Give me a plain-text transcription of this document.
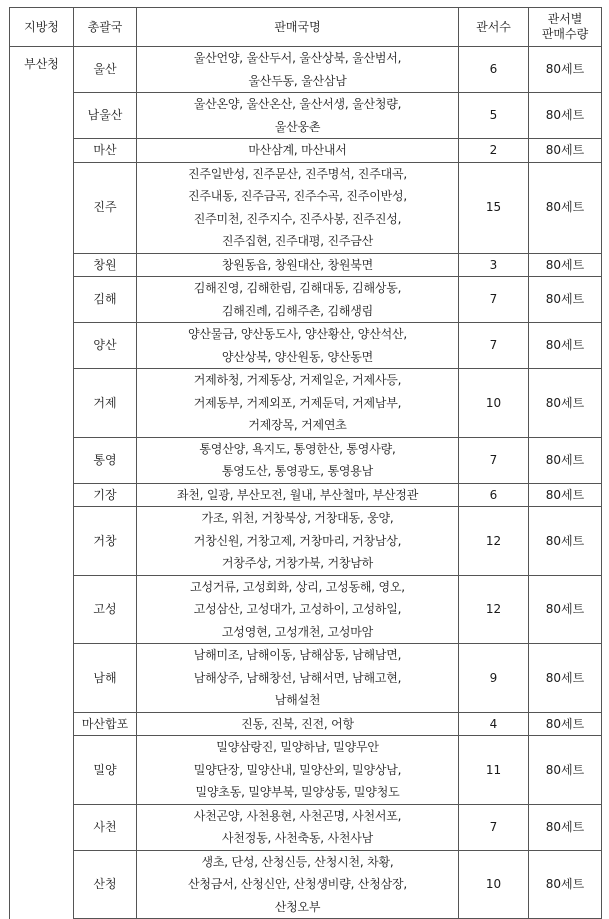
지방청	총괄국	판매국명	관서수	관서별
판매수량

부산청	울산	울산언양, 울산두서, 울산상북, 울산범서,
울산두동, 울산삼남	6	80세트
	남울산	울산온양, 울산온산, 울산서생, 울산청량,
울산웅촌	5	80세트
	마산	마산삼계, 마산내서	2	80세트
	진주	진주일반성, 진주문산, 진주명석, 진주대곡,
진주내동, 진주금곡, 진주수곡, 진주이반성,
진주미천, 진주지수, 진주사봉, 진주진성,
진주집현, 진주대평, 진주금산	15	80세트
	창원	창원동읍, 창원대산, 창원북면	3	80세트
	김해	김해진영, 김해한림, 김해대동, 김해상동,
김해진례, 김해주촌, 김해생림	7	80세트
	양산	양산물금, 양산동도사, 양산황산, 양산석산,
양산상북, 양산원동, 양산동면	7	80세트
	거제	거제하청, 거제동상, 거제일운, 거제사등,
거제동부, 거제외포, 거제둔덕, 거제남부,
거제장목, 거제연초	10	80세트
	통영	통영산양, 욕지도, 통영한산, 통영사량,
통영도산, 통영광도, 통영용남	7	80세트
	기장	좌천, 일광, 부산모전, 월내, 부산철마, 부산정관	6	80세트
	거창	가조, 위천, 거창북상, 거창대동, 웅양,
거창신원, 거창고제, 거창마리, 거창남상,
거창주상, 거창가북, 거창남하	12	80세트
	고성	고성거류, 고성회화, 상리, 고성동해, 영오,
고성삼산, 고성대가, 고성하이, 고성하일,
고성영현, 고성개천, 고성마암	12	80세트
	남해	남해미조, 남해이동, 남해삼동, 남해남면,
남해상주, 남해창선, 남해서면, 남해고현,
남해설천	9	80세트
	마산합포	진동, 진북, 진전, 어항	4	80세트
	밀양	밀양삼랑진, 밀양하남, 밀양무안
밀양단장, 밀양산내, 밀양산외, 밀양상남,
밀양초동, 밀양부북, 밀양상동, 밀양청도	11	80세트
	사천	사천곤양, 사천용현, 사천곤명, 사천서포,
사천정동, 사천축동, 사천사남	7	80세트
	산청	생초, 단성, 산청신등, 산청시천, 차황,
산청금서, 산청신안, 산청생비량, 산청삼장,
산청오부	10	80세트
